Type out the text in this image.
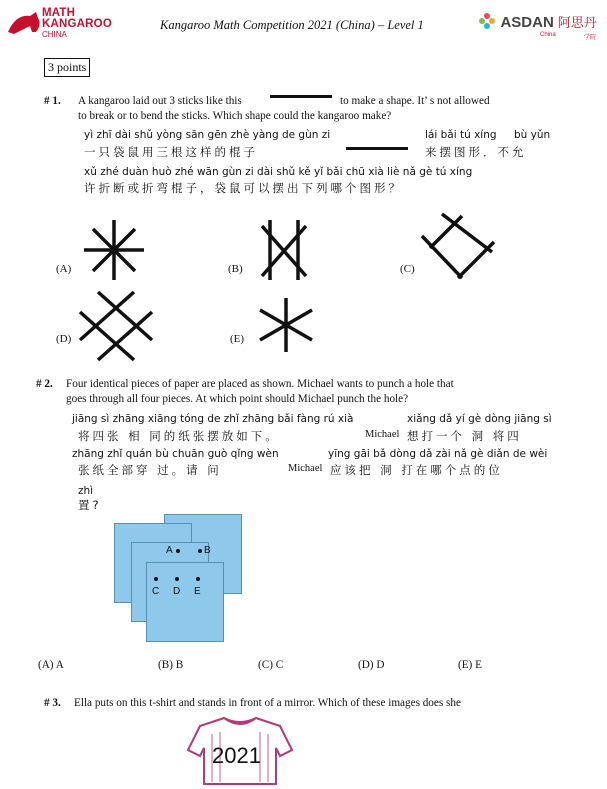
MATH
KANGAROO
CHINA
Kangaroo Math Competition 2021 (China) – Level 1	ASDAN 阿思丹
China	学院
3 points
# 1. A kangaroo laid out 3 sticks like this	to make a shape. It’ s not allowed
to break or to bend the sticks. Which shape could the kangaroo make?
yì zhī dài shǔ yòng sān gēn zhè yàng de gùn zi	lái bǎi tú xíng bù yǔn
一只袋鼠用三根这样的棍子	来摆图形．不允
xǔ zhé duàn huò zhé wān gùn zi dài shǔ kě yǐ bǎi chū xià liè nǎ gè tú xíng
许折断或折弯棍子，袋鼠可以摆出下列哪个图形？
(A)	(B)	(C)
(D)	(E)
# 2. Four identical pieces of paper are placed as shown. Michael wants to punch a hole that
goes through all four pieces. At which point should Michael punch the hole?
jiāng sì zhāng xiāng tóng de zhǐ zhāng bǎi fàng rú xià	xiǎng dǎ yí gè dòng jiāng sì
将四张 相 同的纸张摆放如下。	Michael 想打一个 洞 将四
zhāng zhǐ quán bù chuān guò qǐng wèn	yīng gāi bǎ dòng dǎ zài nǎ gè diǎn de wèi
张纸全部穿 过。请 问	Michael 应该把 洞 打在哪个点的位
zhì
置?
A	B
C D E
(A) A	(B) B	(C) C	(D) D	(E) E
# 3. Ella puts on this t-shirt and stands in front of a mirror. Which of these images does she
2021
